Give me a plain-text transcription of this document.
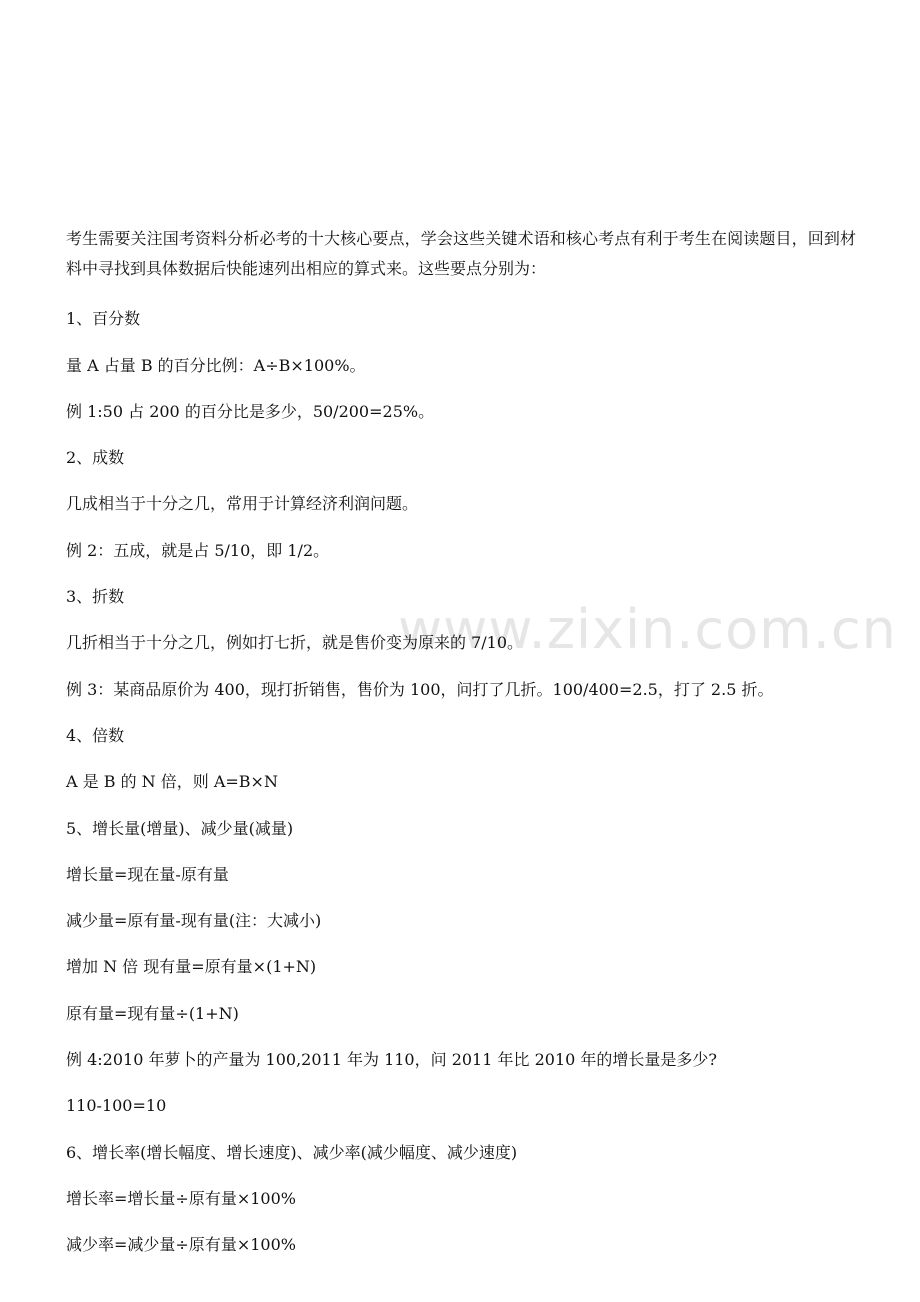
www.zixin.com.cn

考生需要关注国考资料分析必考的十大核心要点，学会这些关键术语和核心考点有利于考生在阅读题目，回到材料中寻找到具体数据后快能速列出相应的算式来。这些要点分别为：

1、百分数

量 A 占量 B 的百分比例：A÷B×100%。

例 1:50 占 200 的百分比是多少，50/200=25%。

2、成数

几成相当于十分之几，常用于计算经济利润问题。

例 2：五成，就是占 5/10，即 1/2。

3、折数

几折相当于十分之几，例如打七折，就是售价变为原来的 7/10。

例 3：某商品原价为 400，现打折销售，售价为 100，问打了几折。100/400=2.5，打了 2.5 折。

4、倍数

A 是 B 的 N 倍，则 A=B×N

5、增长量(增量)、减少量(减量)

增长量=现在量-原有量

减少量=原有量-现有量(注：大减小)

增加 N 倍 现有量=原有量×(1+N)

原有量=现有量÷(1+N)

例 4:2010 年萝卜的产量为 100,2011 年为 110，问 2011 年比 2010 年的增长量是多少?

110-100=10

6、增长率(增长幅度、增长速度)、减少率(减少幅度、减少速度)

增长率=增长量÷原有量×100%

减少率=减少量÷原有量×100%
